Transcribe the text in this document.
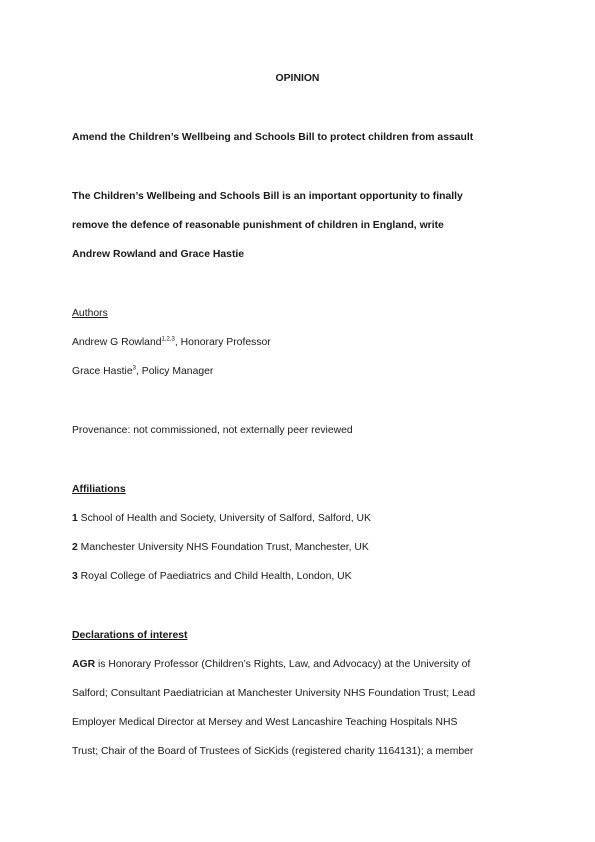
OPINION
Amend the Children’s Wellbeing and Schools Bill to protect children from assault
The Children’s Wellbeing and Schools Bill is an important opportunity to finally
remove the defence of reasonable punishment of children in England, write
Andrew Rowland and Grace Hastie
Authors
Andrew G Rowland$^{1,2,3}$, Honorary Professor
Grace Hastie$^3$, Policy Manager
Provenance: not commissioned, not externally peer reviewed
Affiliations
1 School of Health and Society, University of Salford, Salford, UK
2 Manchester University NHS Foundation Trust, Manchester, UK
3 Royal College of Paediatrics and Child Health, London, UK
Declarations of interest
AGR is Honorary Professor (Children’s Rights, Law, and Advocacy) at the University of
Salford; Consultant Paediatrician at Manchester University NHS Foundation Trust; Lead
Employer Medical Director at Mersey and West Lancashire Teaching Hospitals NHS
Trust; Chair of the Board of Trustees of SicKids (registered charity 1164131); a member
